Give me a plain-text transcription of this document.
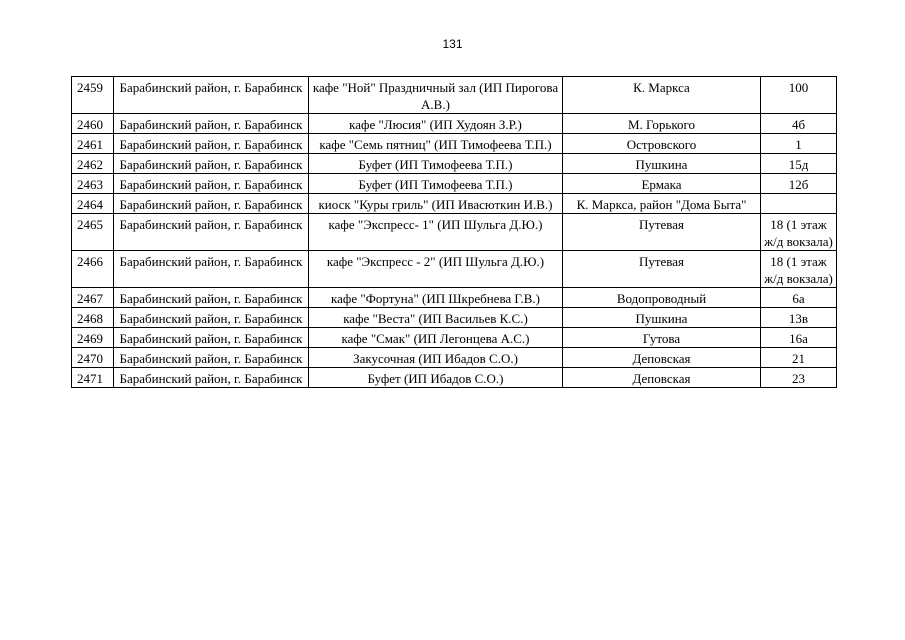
131
2459	Барабинский район, г. Барабинск	кафе "Ной" Праздничный зал (ИП Пирогова А.В.)	К. Маркса	100
2460	Барабинский район, г. Барабинск	кафе "Люсия" (ИП Худоян З.Р.)	М. Горького	4б
2461	Барабинский район, г. Барабинск	кафе "Семь пятниц" (ИП Тимофеева Т.П.)	Островского	1
2462	Барабинский район, г. Барабинск	Буфет (ИП Тимофеева Т.П.)	Пушкина	15д
2463	Барабинский район, г. Барабинск	Буфет (ИП Тимофеева Т.П.)	Ермака	12б
2464	Барабинский район, г. Барабинск	киоск "Куры гриль" (ИП Ивасюткин И.В.)	К. Маркса, район "Дома Быта"	
2465	Барабинский район, г. Барабинск	кафе "Экспресс- 1" (ИП Шульга Д.Ю.)	Путевая	18 (1 этаж ж/д вокзала)
2466	Барабинский район, г. Барабинск	кафе "Экспресс - 2" (ИП Шульга Д.Ю.)	Путевая	18 (1 этаж ж/д вокзала)
2467	Барабинский район, г. Барабинск	кафе "Фортуна" (ИП Шкребнева Г.В.)	Водопроводный	6а
2468	Барабинский район, г. Барабинск	кафе "Веста" (ИП Васильев К.С.)	Пушкина	13в
2469	Барабинский район, г. Барабинск	кафе "Смак" (ИП Легонцева А.С.)	Гутова	16а
2470	Барабинский район, г. Барабинск	Закусочная (ИП Ибадов С.О.)	Деповская	21
2471	Барабинский район, г. Барабинск	Буфет (ИП Ибадов С.О.)	Деповская	23
